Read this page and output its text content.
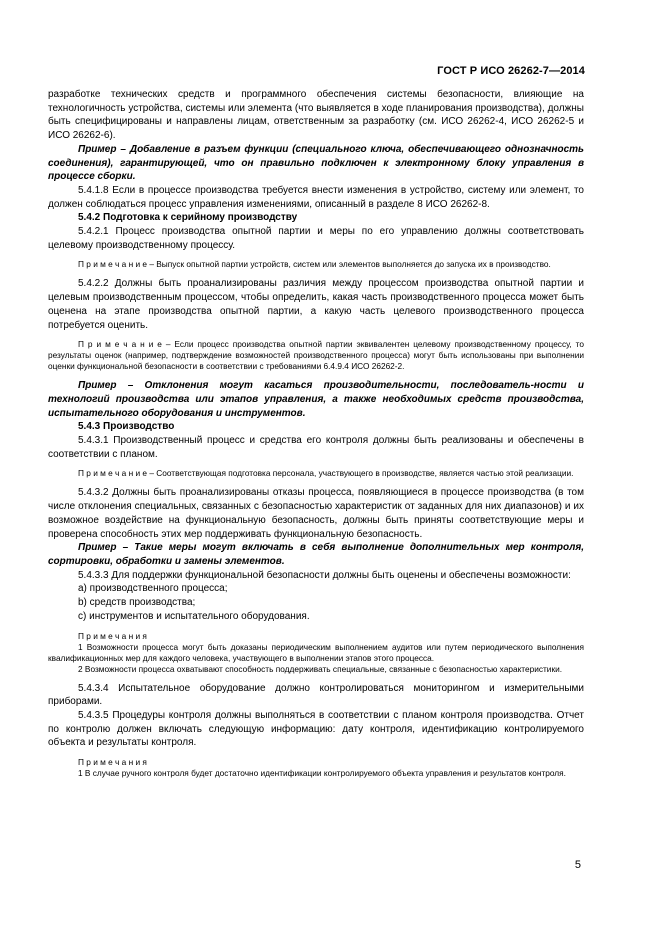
ГОСТ Р ИСО 26262-7—2014

разработке технических средств и программного обеспечения системы безопасности, влияющие на технологичность устройства, системы или элемента (что выявляется в ходе планирования производства), должны быть специфицированы и направлены лицам, ответственным за разработку (см. ИСО 26262-4, ИСО 26262-5 и ИСО 26262-6).

Пример – Добавление в разъем функции (специального ключа, обеспечивающего однозначность соединения), гарантирующей, что он правильно подключен к электронному блоку управления в процессе сборки.

5.4.1.8 Если в процессе производства требуется внести изменения в устройство, систему или элемент, то должен соблюдаться процесс управления изменениями, описанный в разделе 8 ИСО 26262-8.

5.4.2 Подготовка к серийному производству

5.4.2.1 Процесс производства опытной партии и меры по его управлению должны соответствовать целевому производственному процессу.

П р и м е ч а н и е – Выпуск опытной партии устройств, систем или элементов выполняется до запуска их в производство.

5.4.2.2 Должны быть проанализированы различия между процессом производства опытной партии и целевым производственным процессом, чтобы определить, какая часть производственного процесса может быть оценена на этапе производства опытной партии, а какую часть целевого производственного процесса потребуется оценить.

П р и м е ч а н и е – Если процесс производства опытной партии эквивалентен целевому производственному процессу, то результаты оценок (например, подтверждение возможностей производственного процесса) могут быть использованы при выполнении оценки функциональной безопасности в соответствии с требованиями 6.4.9.4 ИСО 26262-2.

Пример – Отклонения могут касаться производительности, последователь-ности и технологий производства или этапов управления, а также необходимых средств производства, испытательного оборудования и инструментов.

5.4.3 Производство

5.4.3.1 Производственный процесс и средства его контроля должны быть реализованы и обеспечены в соответствии с планом.

П р и м е ч а н и е – Соответствующая подготовка персонала, участвующего в производстве, является частью этой реализации.

5.4.3.2 Должны быть проанализированы отказы процесса, появляющиеся в процессе производства (в том числе отклонения специальных, связанных с безопасностью характеристик от заданных для них диапазонов) и их возможное воздействие на функциональную безопасность, должны быть приняты соответствующие меры и проверена способность этих мер поддерживать функциональную безопасность.

Пример – Такие меры могут включать в себя выполнение дополнительных мер контроля, сортировки, обработки и замены элементов.

5.4.3.3 Для поддержки функциональной безопасности должны быть оценены и обеспечены возможности:

a) производственного процесса;

b) средств производства;

c) инструментов и испытательного оборудования.

П р и м е ч а н и я

1 Возможности процесса могут быть доказаны периодическим выполнением аудитов или путем периодического выполнения квалификационных мер для каждого человека, участвующего в выполнении этапов этого процесса.

2 Возможности процесса охватывают способность поддерживать специальные, связанные с безопасностью характеристики.

5.4.3.4 Испытательное оборудование должно контролироваться мониторингом и измерительными приборами.

5.4.3.5 Процедуры контроля должны выполняться в соответствии с планом контроля производства. Отчет по контролю должен включать следующую информацию: дату контроля, идентификацию контролируемого объекта и результаты контроля.

П р и м е ч а н и я

1 В случае ручного контроля будет достаточно идентификации контролируемого объекта управления и результатов контроля.

5
